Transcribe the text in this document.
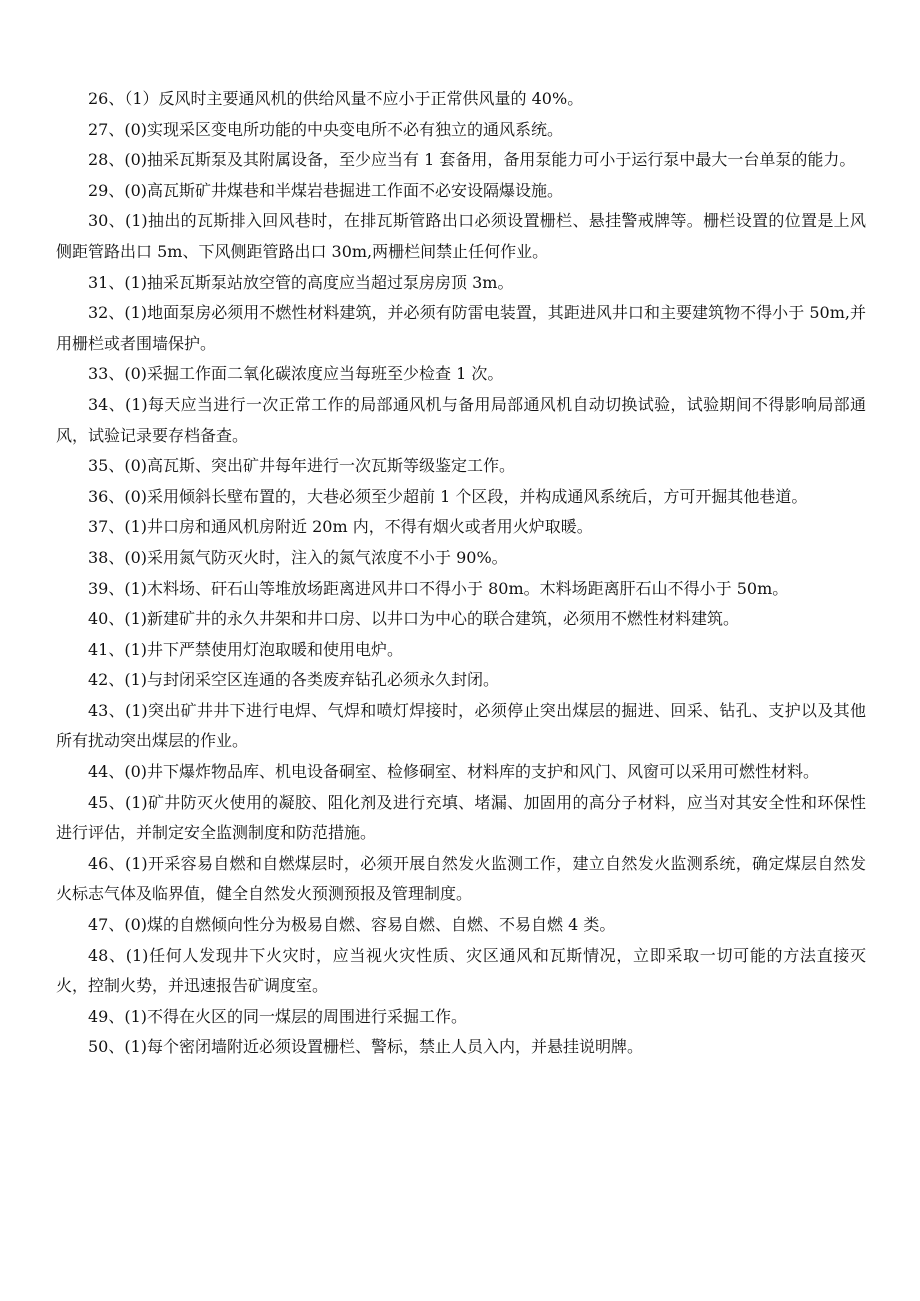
26、（1）反风时主要通风机的供给风量不应小于正常供风量的 40%。

27、(0)实现采区变电所功能的中央变电所不必有独立的通风系统。

28、(0)抽采瓦斯泵及其附属设备，至少应当有 1 套备用，备用泵能力可小于运行泵中最大一台单泵的能力。

29、(0)高瓦斯矿井煤巷和半煤岩巷掘进工作面不必安设隔爆设施。

30、(1)抽出的瓦斯排入回风巷时，在排瓦斯管路出口必须设置栅栏、悬挂警戒牌等。栅栏设置的位置是上风侧距管路出口 5m、下风侧距管路出口 30m,两栅栏间禁止任何作业。

31、(1)抽采瓦斯泵站放空管的高度应当超过泵房房顶 3m。

32、(1)地面泵房必须用不燃性材料建筑，并必须有防雷电装置，其距进风井口和主要建筑物不得小于 50m,并用栅栏或者围墙保护。

33、(0)采掘工作面二氧化碳浓度应当每班至少检查 1 次。

34、(1)每天应当进行一次正常工作的局部通风机与备用局部通风机自动切换试验，试验期间不得影响局部通风，试验记录要存档备查。

35、(0)高瓦斯、突出矿井每年进行一次瓦斯等级鉴定工作。

36、(0)采用倾斜长壁布置的，大巷必须至少超前 1 个区段，并构成通风系统后，方可开掘其他巷道。

37、(1)井口房和通风机房附近 20m 内，不得有烟火或者用火炉取暖。

38、(0)采用氮气防灭火时，注入的氮气浓度不小于 90%。

39、(1)木料场、矸石山等堆放场距离进风井口不得小于 80m。木料场距离肝石山不得小于 50m。

40、(1)新建矿井的永久井架和井口房、以井口为中心的联合建筑，必须用不燃性材料建筑。

41、(1)井下严禁使用灯泡取暖和使用电炉。

42、(1)与封闭采空区连通的各类废弃钻孔必须永久封闭。

43、(1)突出矿井井下进行电焊、气焊和喷灯焊接时，必须停止突出煤层的掘进、回采、钻孔、支护以及其他所有扰动突出煤层的作业。

44、(0)井下爆炸物品库、机电设备硐室、检修硐室、材料库的支护和风门、风窗可以采用可燃性材料。

45、(1)矿井防灭火使用的凝胶、阻化剂及进行充填、堵漏、加固用的高分子材料，应当对其安全性和环保性进行评估，并制定安全监测制度和防范措施。

46、(1)开采容易自燃和自燃煤层时，必须开展自然发火监测工作，建立自然发火监测系统，确定煤层自然发火标志气体及临界值，健全自然发火预测预报及管理制度。

47、(0)煤的自燃倾向性分为极易自燃、容易自燃、自燃、不易自燃 4 类。

48、(1)任何人发现井下火灾时，应当视火灾性质、灾区通风和瓦斯情况，立即采取一切可能的方法直接灭火，控制火势，并迅速报告矿调度室。

49、(1)不得在火区的同一煤层的周围进行采掘工作。

50、(1)每个密闭墙附近必须设置栅栏、警标，禁止人员入内，并悬挂说明牌。
